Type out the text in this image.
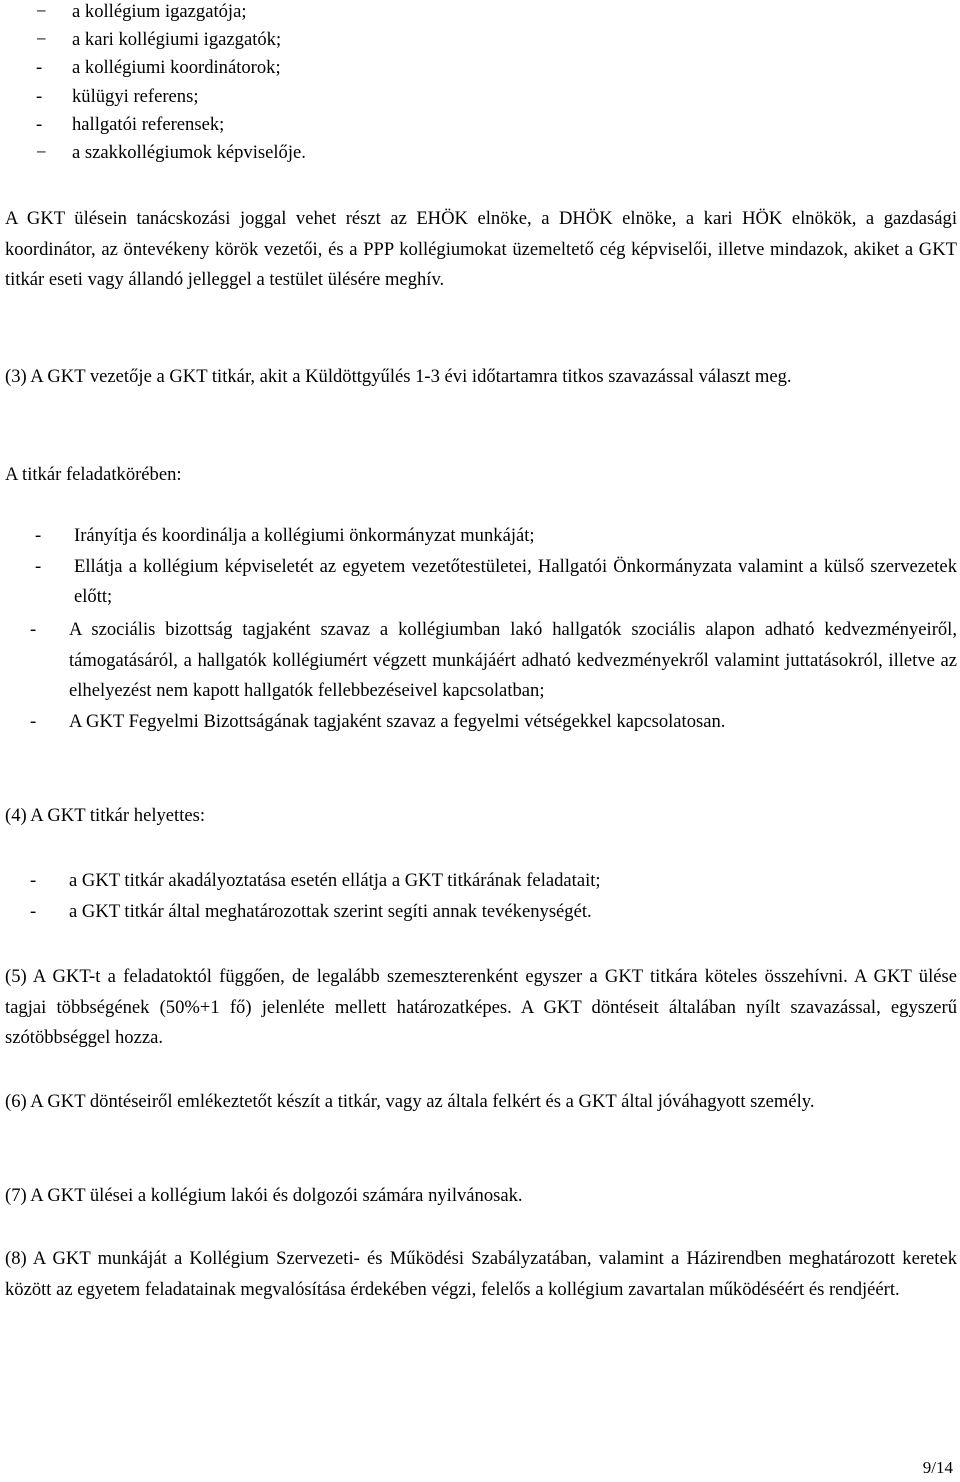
−	a kollégium igazgatója;
−	a kari kollégiumi igazgatók;
-	a kollégiumi koordinátorok;
-	külügyi referens;
-	hallgatói referensek;
−	a szakkollégiumok képviselője.

A GKT ülésein tanácskozási joggal vehet részt az EHÖK elnöke, a DHÖK elnöke, a kari HÖK elnökök, a gazdasági koordinátor, az öntevékeny körök vezetői, és a PPP kollégiumokat üzemeltető cég képviselői, illetve mindazok, akiket a GKT titkár eseti vagy állandó jelleggel a testület ülésére meghív.

(3) A GKT vezetője a GKT titkár, akit a Küldöttgyűlés 1-3 évi időtartamra titkos szavazással választ meg.

A titkár feladatkörében:

-	Irányítja és koordinálja a kollégiumi önkormányzat munkáját;
-	Ellátja a kollégium képviseletét az egyetem vezetőtestületei, Hallgatói Önkormányzata valamint a külső szervezetek előtt;
-	A szociális bizottság tagjaként szavaz a kollégiumban lakó hallgatók szociális alapon adható kedvezményeiről, támogatásáról, a hallgatók kollégiumért végzett munkájáért adható kedvezményekről valamint juttatásokról, illetve az elhelyezést nem kapott hallgatók fellebbezéseivel kapcsolatban;
-	A GKT Fegyelmi Bizottságának tagjaként szavaz a fegyelmi vétségekkel kapcsolatosan.

(4) A GKT titkár helyettes:

-	a GKT titkár akadályoztatása esetén ellátja a GKT titkárának feladatait;
-	a GKT titkár által meghatározottak szerint segíti annak tevékenységét.

(5) A GKT-t a feladatoktól függően, de legalább szemeszterenként egyszer a GKT titkára köteles összehívni. A GKT ülése tagjai többségének (50%+1 fő) jelenléte mellett határozatképes. A GKT döntéseit általában nyílt szavazással, egyszerű szótöbbséggel hozza.

(6) A GKT döntéseiről emlékeztetőt készít a titkár, vagy az általa felkért és a GKT által jóváhagyott személy.

(7) A GKT ülései a kollégium lakói és dolgozói számára nyilvánosak.

(8) A GKT munkáját a Kollégium Szervezeti- és Működési Szabályzatában, valamint a Házirendben meghatározott keretek között az egyetem feladatainak megvalósítása érdekében végzi, felelős a kollégium zavartalan működéséért és rendjéért.

9/14
